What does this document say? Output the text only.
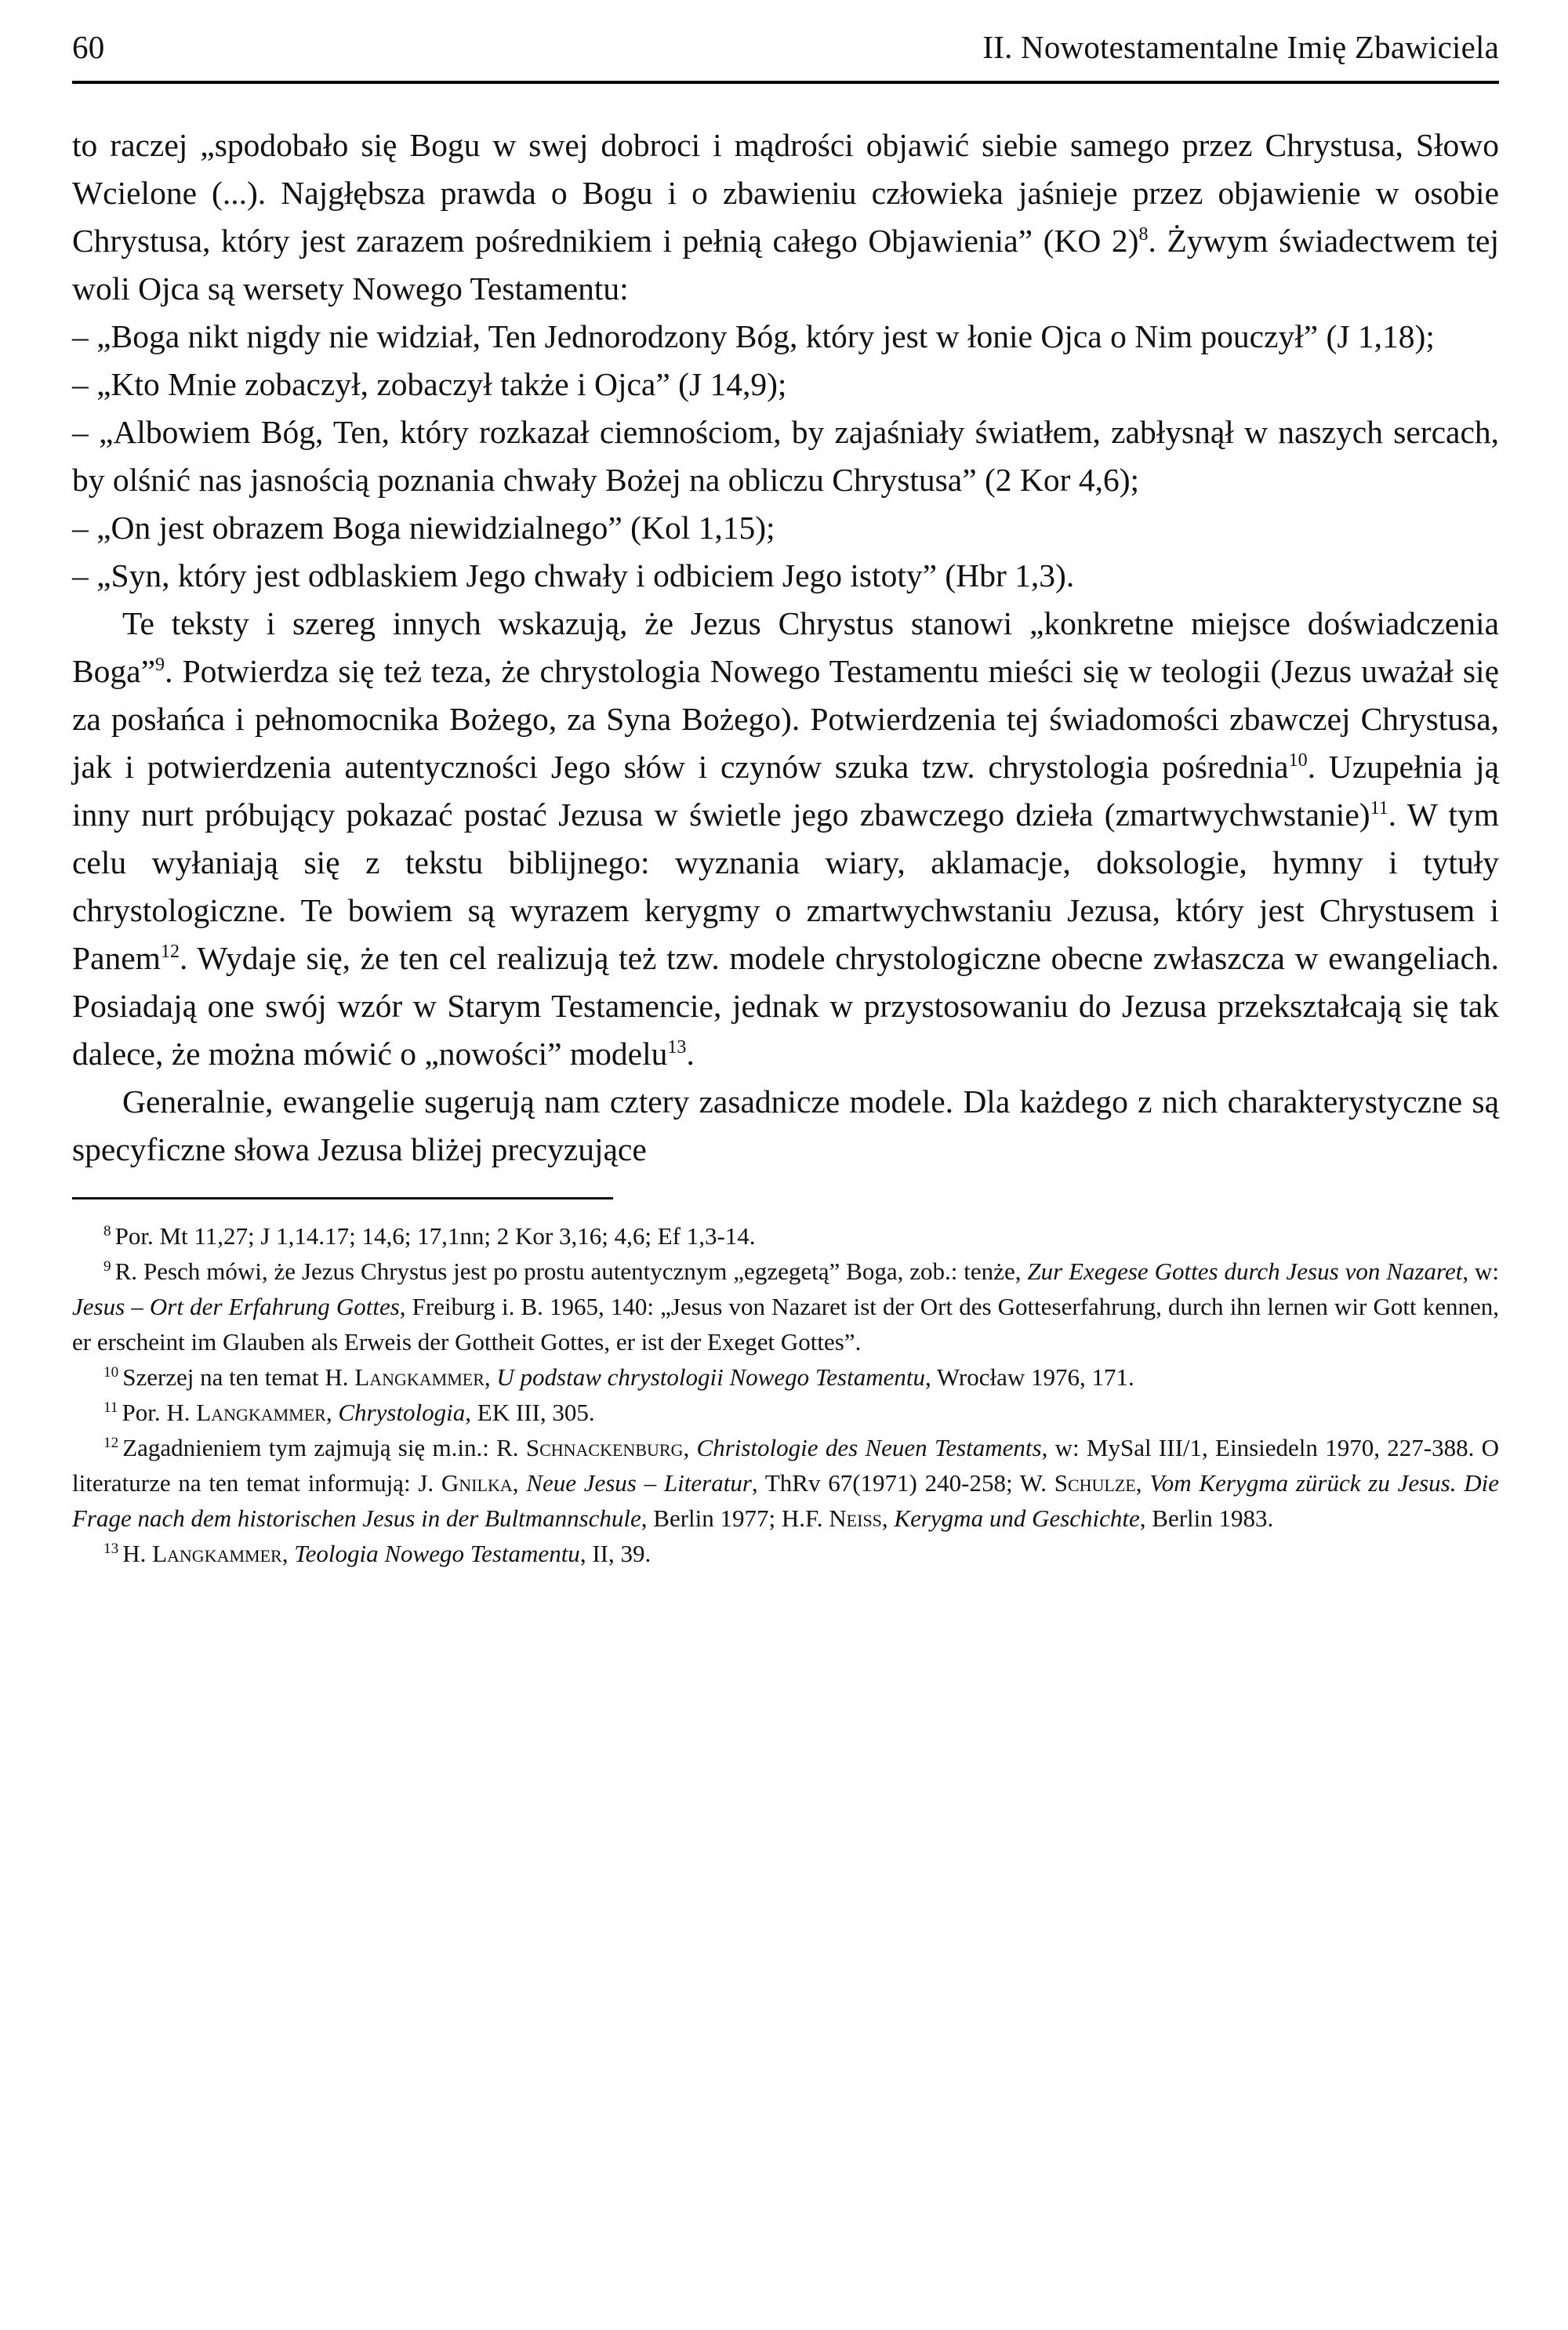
60	II. Nowotestamentalne Imię Zbawiciela

to raczej „spodobało się Bogu w swej dobroci i mądrości objawić siebie samego przez Chrystusa, Słowo Wcielone (...). Najgłębsza prawda o Bogu i o zbawieniu człowieka jaśnieje przez objawienie w osobie Chrystusa, który jest zarazem pośrednikiem i pełnią całego Objawienia” (KO 2)$^8$. Żywym świadectwem tej woli Ojca są wersety Nowego Testamentu:

– „Boga nikt nigdy nie widział, Ten Jednorodzony Bóg, który jest w łonie Ojca o Nim pouczył” (J 1,18);

– „Kto Mnie zobaczył, zobaczył także i Ojca” (J 14,9);

– „Albowiem Bóg, Ten, który rozkazał ciemnościom, by zajaśniały światłem, zabłysnął w naszych sercach, by olśnić nas jasnością poznania chwały Bożej na obliczu Chrystusa” (2 Kor 4,6);

– „On jest obrazem Boga niewidzialnego” (Kol 1,15);

– „Syn, który jest odblaskiem Jego chwały i odbiciem Jego istoty” (Hbr 1,3).

Te teksty i szereg innych wskazują, że Jezus Chrystus stanowi „konkretne miejsce doświadczenia Boga”$^9$. Potwierdza się też teza, że chrystologia Nowego Testamentu mieści się w teologii (Jezus uważał się za posłańca i pełnomocnika Bożego, za Syna Bożego). Potwierdzenia tej świadomości zbawczej Chrystusa, jak i potwierdzenia autentyczności Jego słów i czynów szuka tzw. chrystologia pośrednia$^{10}$. Uzupełnia ją inny nurt próbujący pokazać postać Jezusa w świetle jego zbawczego dzieła (zmartwychwstanie)$^{11}$. W tym celu wyłaniają się z tekstu biblijnego: wyznania wiary, aklamacje, doksologie, hymny i tytuły chrystologiczne. Te bowiem są wyrazem kerygmy o zmartwychwstaniu Jezusa, który jest Chrystusem i Panem$^{12}$. Wydaje się, że ten cel realizują też tzw. modele chrystologiczne obecne zwłaszcza w ewangeliach. Posiadają one swój wzór w Starym Testamencie, jednak w przystosowaniu do Jezusa przekształcają się tak dalece, że można mówić o „nowości” modelu$^{13}$.

Generalnie, ewangelie sugerują nam cztery zasadnicze modele. Dla każdego z nich charakterystyczne są specyficzne słowa Jezusa bliżej precyzujące

$^8$ Por. Mt 11,27; J 1,14.17; 14,6; 17,1nn; 2 Kor 3,16; 4,6; Ef 1,3-14.

$^9$ R. Pesch mówi, że Jezus Chrystus jest po prostu autentycznym „egzegetą” Boga, zob.: tenże, Zur Exegese Gottes durch Jesus von Nazaret, w: Jesus – Ort der Erfahrung Gottes, Freiburg i. B. 1965, 140: „Jesus von Nazaret ist der Ort des Gotteserfahrung, durch ihn lernen wir Gott kennen, er erscheint im Glauben als Erweis der Gottheit Gottes, er ist der Exeget Gottes”.

$^{10}$ Szerzej na ten temat H. Langkammer, U podstaw chrystologii Nowego Testamentu, Wrocław 1976, 171.

$^{11}$ Por. H. Langkammer, Chrystologia, EK III, 305.

$^{12}$ Zagadnieniem tym zajmują się m.in.: R. Schnackenburg, Christologie des Neuen Testaments, w: MySal III/1, Einsiedeln 1970, 227-388. O literaturze na ten temat informują: J. Gnilka, Neue Jesus – Literatur, ThRv 67(1971) 240-258; W. Schulze, Vom Kerygma zürück zu Jesus. Die Frage nach dem historischen Jesus in der Bultmannschule, Berlin 1977; H.F. Neiss, Kerygma und Geschichte, Berlin 1983.

$^{13}$ H. Langkammer, Teologia Nowego Testamentu, II, 39.
